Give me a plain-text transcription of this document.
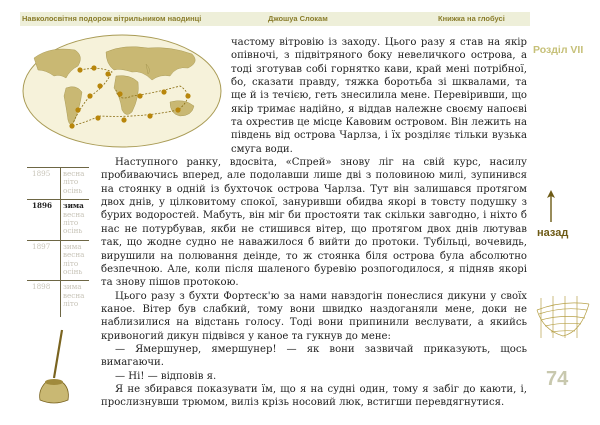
Навколосвітня подорож вітрильником наодинці	Джошуа Слокам	Книжка на глобусі
Розділ VII
назад
74
1895 весна
літо
осінь
1896 зима
весна
літо
осінь
1897 зима
весна
літо
осінь
1898 зима
весна
літо

частому вітровію із заходу. Цього разу я став на якір опівночі, з підвітряного боку невеличкого острова, а тоді зготував собі горнятко кави, край мені потрібної, бо, сказати правду, тяжка боротьба зі шквалами, та ще й із течією, геть знесилила мене. Перевіривши, що якір тримає надійно, я віддав належне своєму напоєві та охрестив це місце Кавовим островом. Він лежить на південь від острова Чарлза, і їх розділяє тільки вузька смуга води.

Наступного ранку, вдосвіта, «Спрей» знову ліг на свій курс, насилу пробиваючись вперед, але подолавши лише дві з половиною милі, зупинився на стоянку в одній із бухточок острова Чарлза. Тут він залишався протягом двох днів, у цілковитому спокої, зануривши обидва якорі в товсту подушку з бурих водоростей. Мабуть, він міг би простояти так скільки завгодно, і ніхто б нас не потурбував, якби не стишився вітер, що протягом двох днів лютував так, що жодне судно не наважилося б вийти до протоки. Тубільці, вочевидь, вирушили на полювання деінде, то ж стоянка біля острова була абсолютно безпечною. Але, коли після шаленого буревію розпогодилося, я підняв якорі та знову пішов протокою.

Цього разу з бухти Фортеск'ю за нами навздогін понеслися дикуни у своїх каное. Вітер був слабкий, тому вони швидко наздоганяли мене, доки не наблизилися на відстань голосу. Тоді вони припинили веслувати, а якийсь кривоногий дикун підвівся у каное та гукнув до мене:

— Ямершунер, ямершунер! — як вони зазвичай приказують, щось вимагаючи.

— Ні! — відповів я.

Я не збирався показувати їм, що я на судні один, тому я забіг до каюти, і, прослизнувши трюмом, виліз крізь носовий люк, встигши перевдягнутися.
